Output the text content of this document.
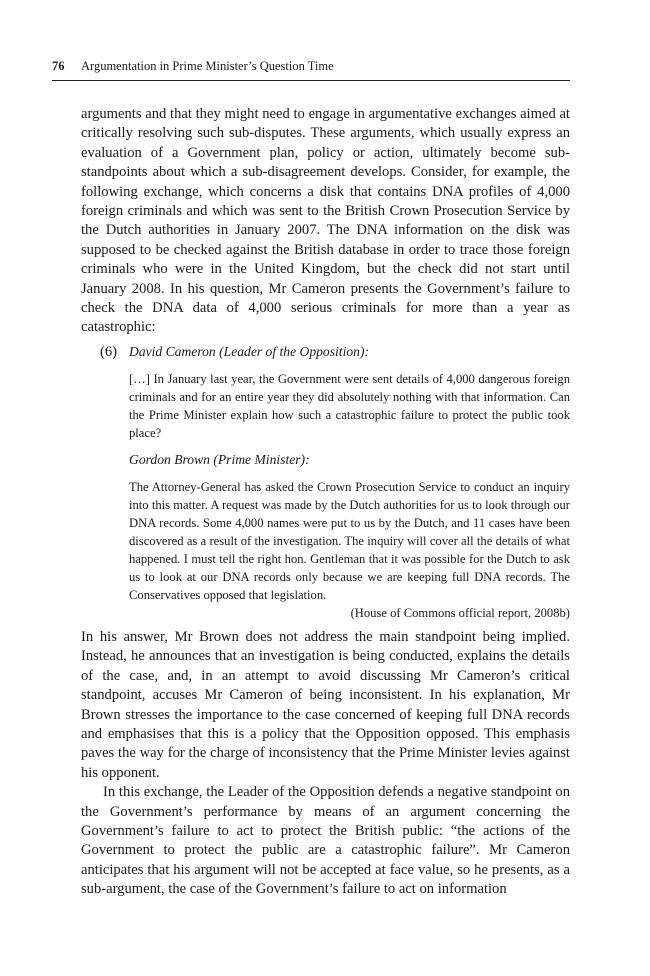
76 Argumentation in Prime Minister’s Question Time

arguments and that they might need to engage in argumentative exchanges aimed at critically resolving such sub-disputes. These arguments, which usually express an evaluation of a Government plan, policy or action, ultimately become sub-standpoints about which a sub-disagreement develops. Consider, for example, the following exchange, which concerns a disk that contains DNA profiles of 4,000 foreign criminals and which was sent to the British Crown Prosecution Service by the Dutch authorities in January 2007. The DNA information on the disk was supposed to be checked against the British database in order to trace those foreign criminals who were in the United Kingdom, but the check did not start until January 2008. In his question, Mr Cameron presents the Government’s failure to check the DNA data of 4,000 serious criminals for more than a year as catastrophic:

(6) David Cameron (Leader of the Opposition):
[…] In January last year, the Government were sent details of 4,000 dangerous foreign criminals and for an entire year they did absolutely nothing with that information. Can the Prime Minister explain how such a catastrophic failure to protect the public took place?
Gordon Brown (Prime Minister):
The Attorney-General has asked the Crown Prosecution Service to conduct an inquiry into this matter. A request was made by the Dutch authorities for us to look through our DNA records. Some 4,000 names were put to us by the Dutch, and 11 cases have been discovered as a result of the investigation. The inquiry will cover all the details of what happened. I must tell the right hon. Gentleman that it was possible for the Dutch to ask us to look at our DNA records only because we are keeping full DNA records. The Conservatives opposed that legislation.
(House of Commons official report, 2008b)

In his answer, Mr Brown does not address the main standpoint being implied. Instead, he announces that an investigation is being conducted, explains the details of the case, and, in an attempt to avoid discussing Mr Cameron’s critical standpoint, accuses Mr Cameron of being inconsistent. In his explanation, Mr Brown stresses the importance to the case concerned of keeping full DNA records and emphasises that this is a policy that the Opposition opposed. This emphasis paves the way for the charge of inconsistency that the Prime Minister levies against his opponent.

In this exchange, the Leader of the Opposition defends a negative standpoint on the Government’s performance by means of an argument concerning the Government’s failure to act to protect the British public: “the actions of the Government to protect the public are a catastrophic failure”. Mr Cameron anticipates that his argument will not be accepted at face value, so he presents, as a sub-argument, the case of the Government’s failure to act on information
